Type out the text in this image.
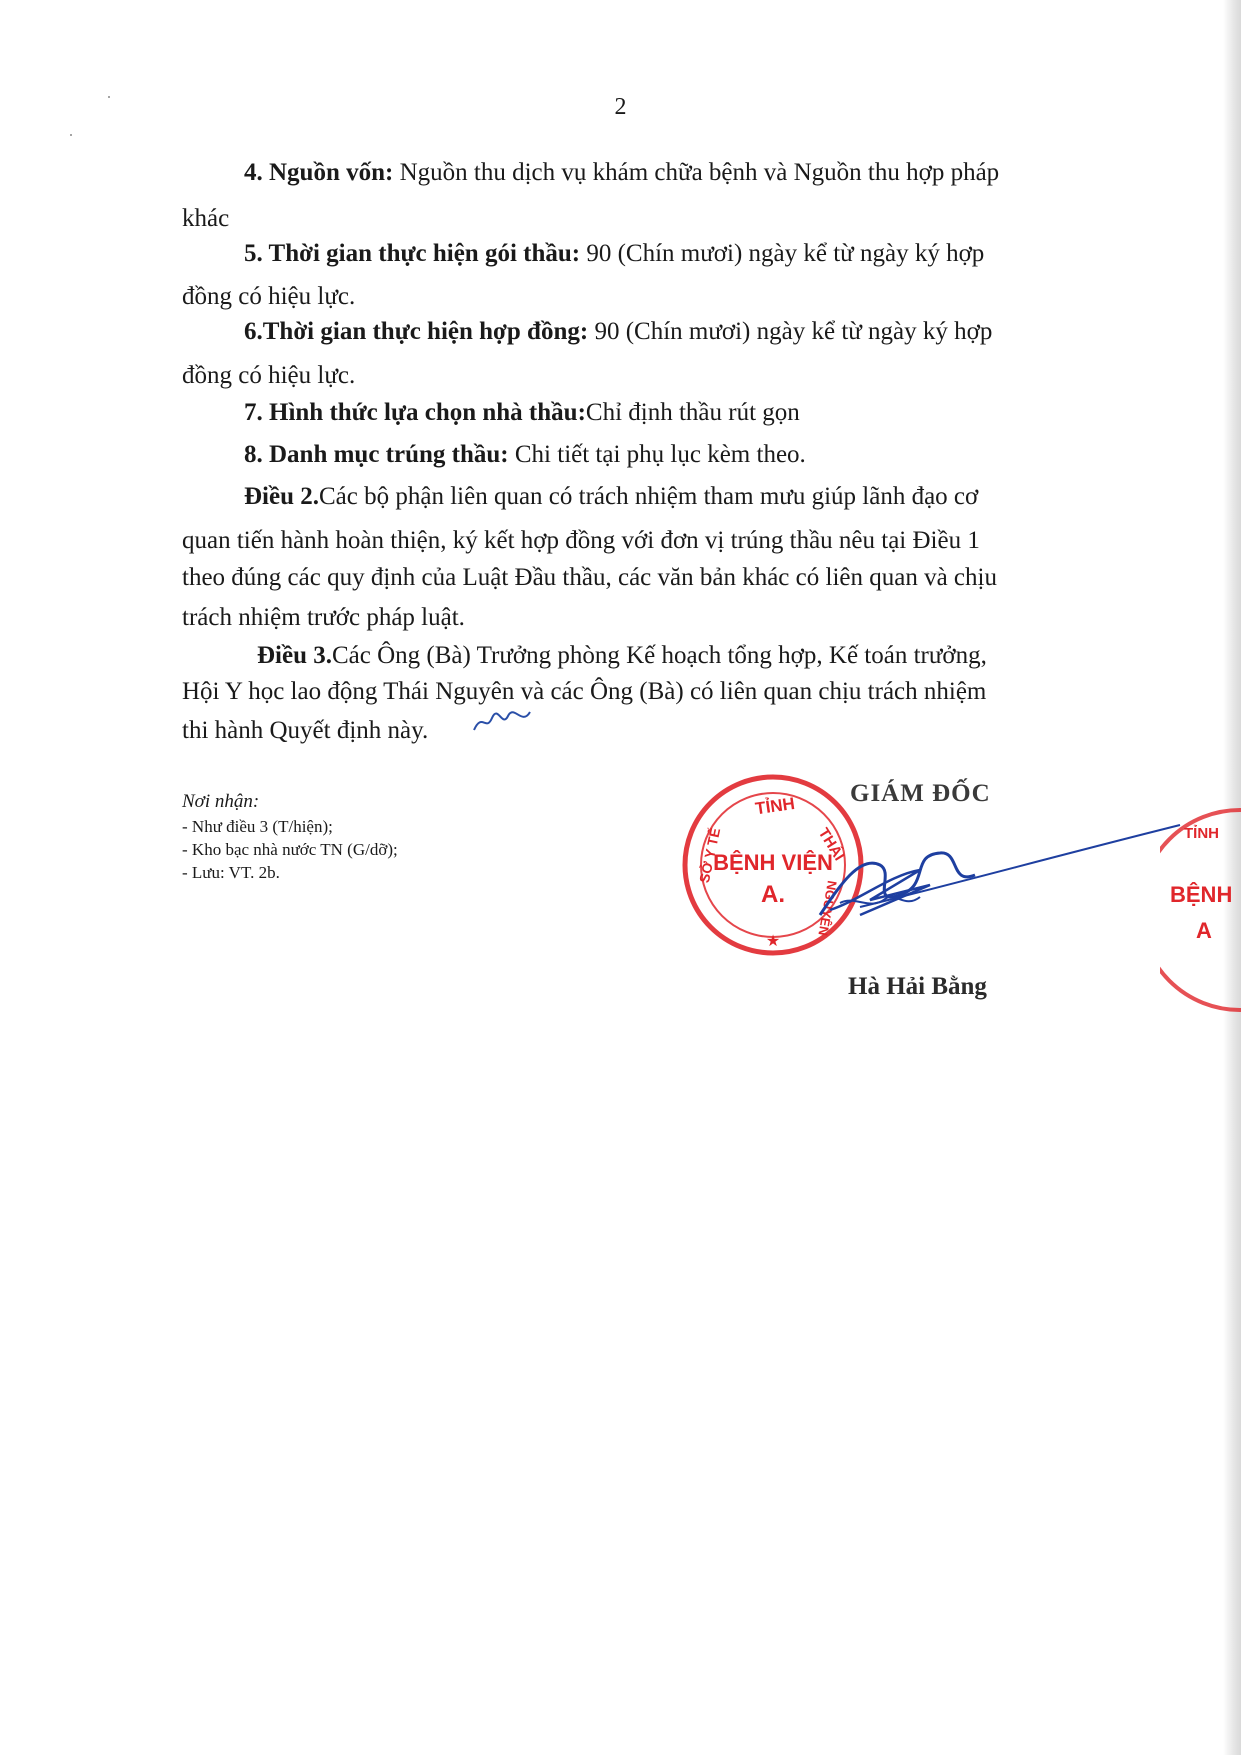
2

4. Nguồn vốn: Nguồn thu dịch vụ khám chữa bệnh và Nguồn thu hợp pháp

khác

5. Thời gian thực hiện gói thầu: 90 (Chín mươi) ngày kể từ ngày ký hợp

đồng có hiệu lực.

6.Thời gian thực hiện hợp đồng: 90 (Chín mươi) ngày kể từ ngày ký hợp

đồng có hiệu lực.

7. Hình thức lựa chọn nhà thầu:Chỉ định thầu rút gọn

8. Danh mục trúng thầu: Chi tiết tại phụ lục kèm theo.

Điều 2.Các bộ phận liên quan có trách nhiệm tham mưu giúp lãnh đạo cơ

quan tiến hành hoàn thiện, ký kết hợp đồng với đơn vị trúng thầu nêu tại Điều 1

theo đúng các quy định của Luật Đầu thầu, các văn bản khác có liên quan và chịu

trách nhiệm trước pháp luật.

Điều 3.Các Ông (Bà) Trưởng phòng Kế hoạch tổng hợp, Kế toán trưởng,

Hội Y học lao động Thái Nguyên và các Ông (Bà) có liên quan chịu trách nhiệm

thi hành Quyết định này.

Nơi nhận:
- Như điều 3 (T/hiện);
- Kho bạc nhà nước TN (G/dỡ);
- Lưu: VT. 2b.
TỈNH
THÁI
SỞ Y TẾ
NGUYÊN
BỆNH VIỆN
A.
★
GIÁM ĐỐC
Hà Hải Bằng
TỈNH
BỆNH
A
